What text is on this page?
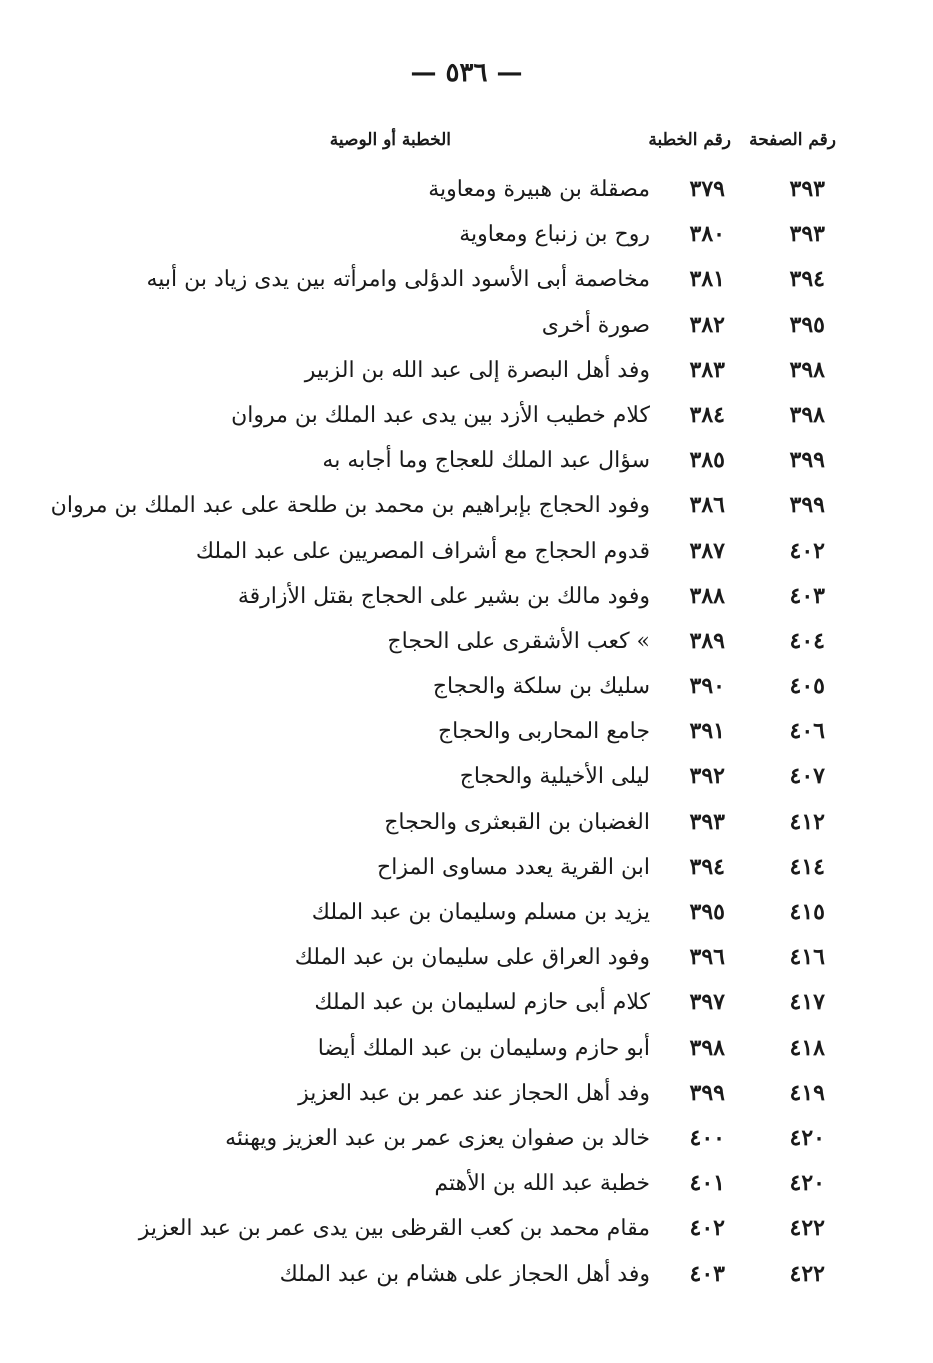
— ٥٣٦ —
رقم الصفحة
رقم الخطبة
الخطبة أو الوصية
٣٩٣
٣٧٩
مصقلة بن هبيرة ومعاوية
٣٩٣
٣٨٠
روح بن زنباع ومعاوية
٣٩٤
٣٨١
مخاصمة أبى الأسود الدؤلى وامرأته بين يدى زياد بن أبيه
٣٩٥
٣٨٢
صورة أخرى
٣٩٨
٣٨٣
وفد أهل البصرة إلى عبد الله بن الزبير
٣٩٨
٣٨٤
كلام خطيب الأزد بين يدى عبد الملك بن مروان
٣٩٩
٣٨٥
سؤال عبد الملك للعجاج وما أجابه به
٣٩٩
٣٨٦
وفود الحجاج بإبراهيم بن محمد بن طلحة على عبد الملك بن مروان
٤٠٢
٣٨٧
قدوم الحجاج مع أشراف المصريين على عبد الملك
٤٠٣
٣٨٨
وفود مالك بن بشير على الحجاج بقتل الأزارقة
٤٠٤
٣٨٩
» كعب الأشقرى على الحجاج
٤٠٥
٣٩٠
سليك بن سلكة والحجاج
٤٠٦
٣٩١
جامع المحاربى والحجاج
٤٠٧
٣٩٢
ليلى الأخيلية والحجاج
٤١٢
٣٩٣
الغضبان بن القبعثرى والحجاج
٤١٤
٣٩٤
ابن القرية يعدد مساوى المزاح
٤١٥
٣٩٥
يزيد بن مسلم وسليمان بن عبد الملك
٤١٦
٣٩٦
وفود العراق على سليمان بن عبد الملك
٤١٧
٣٩٧
كلام أبى حازم لسليمان بن عبد الملك
٤١٨
٣٩٨
أبو حازم وسليمان بن عبد الملك أيضا
٤١٩
٣٩٩
وفد أهل الحجاز عند عمر بن عبد العزيز
٤٢٠
٤٠٠
خالد بن صفوان يعزى عمر بن عبد العزيز ويهنئه
٤٢٠
٤٠١
خطبة عبد الله بن الأهتم
٤٢٢
٤٠٢
مقام محمد بن كعب القرظى بين يدى عمر بن عبد العزيز
٤٢٢
٤٠٣
وفد أهل الحجاز على هشام بن عبد الملك
